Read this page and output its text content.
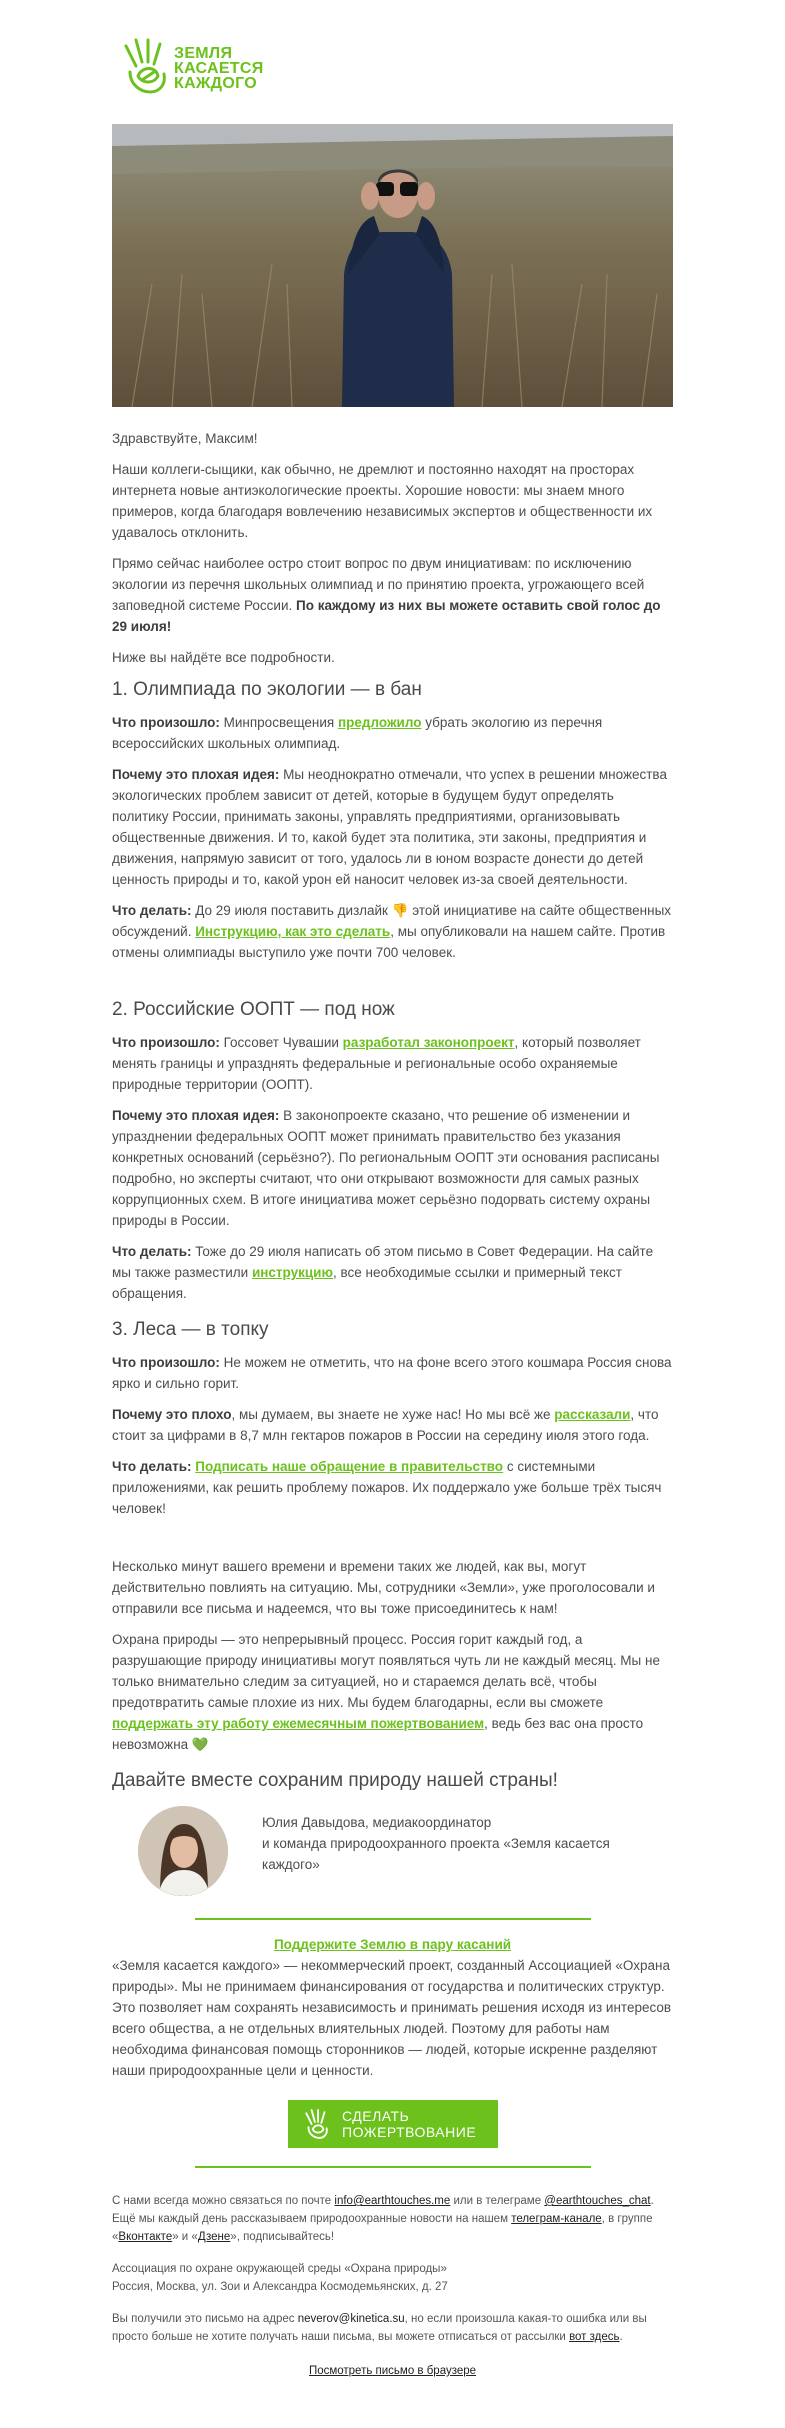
ЗЕМЛЯ
КАСАЕТСЯ
КАЖДОГО

Здравствуйте, Максим!

Наши коллеги-сыщики, как обычно, не дремлют и постоянно находят на просторах интернета новые антиэкологические проекты. Хорошие новости: мы знаем много примеров, когда благодаря вовлечению независимых экспертов и общественности их удавалось отклонить.

Прямо сейчас наиболее остро стоит вопрос по двум инициативам: по исключению экологии из перечня школьных олимпиад и по принятию проекта, угрожающего всей заповедной системе России. По каждому из них вы можете оставить свой голос до 29 июля!

Ниже вы найдёте все подробности.

1. Олимпиада по экологии — в бан

Что произошло: Минпросвещения предложило убрать экологию из перечня всероссийских школьных олимпиад.

Почему это плохая идея: Мы неоднократно отмечали, что успех в решении множества экологических проблем зависит от детей, которые в будущем будут определять политику России, принимать законы, управлять предприятиями, организовывать общественные движения. И то, какой будет эта политика, эти законы, предприятия и движения, напрямую зависит от того, удалось ли в юном возрасте донести до детей ценность природы и то, какой урон ей наносит человек из-за своей деятельности.

Что делать: До 29 июля поставить дизлайк 👎 этой инициативе на сайте общественных обсуждений. Инструкцию, как это сделать, мы опубликовали на нашем сайте. Против отмены олимпиады выступило уже почти 700 человек.

2. Российские ООПТ — под нож

Что произошло: Госсовет Чувашии разработал законопроект, который позволяет менять границы и упразднять федеральные и региональные особо охраняемые природные территории (ООПТ).

Почему это плохая идея: В законопроекте сказано, что решение об изменении и упразднении федеральных ООПТ может принимать правительство без указания конкретных оснований (серьёзно?). По региональным ООПТ эти основания расписаны подробно, но эксперты считают, что они открывают возможности для самых разных коррупционных схем. В итоге инициатива может серьёзно подорвать систему охраны природы в России.

Что делать: Тоже до 29 июля написать об этом письмо в Совет Федерации. На сайте мы также разместили инструкцию, все необходимые ссылки и примерный текст обращения.

3. Леса — в топку

Что произошло: Не можем не отметить, что на фоне всего этого кошмара Россия снова ярко и сильно горит.

Почему это плохо, мы думаем, вы знаете не хуже нас! Но мы всё же рассказали, что стоит за цифрами в 8,7 млн гектаров пожаров в России на середину июля этого года.

Что делать: Подписать наше обращение в правительство с системными приложениями, как решить проблему пожаров. Их поддержало уже больше трёх тысяч человек!

Несколько минут вашего времени и времени таких же людей, как вы, могут действительно повлиять на ситуацию. Мы, сотрудники «Земли», уже проголосовали и отправили все письма и надеемся, что вы тоже присоединитесь к нам!

Охрана природы — это непрерывный процесс. Россия горит каждый год, а разрушающие природу инициативы могут появляться чуть ли не каждый месяц. Мы не только внимательно следим за ситуацией, но и стараемся делать всё, чтобы предотвратить самые плохие из них. Мы будем благодарны, если вы сможете поддержать эту работу ежемесячным пожертвованием, ведь без вас она просто невозможна 💚

Давайте вместе сохраним природу нашей страны!

Юлия Давыдова, медиакоординатор

и команда природоохранного проекта «Земля касается каждого»

Поддержите Землю в пару касаний

«Земля касается каждого» — некоммерческий проект, созданный Ассоциацией «Охрана природы». Мы не принимаем финансирования от государства и политических структур. Это позволяет нам сохранять независимость и принимать решения исходя из интересов всего общества, а не отдельных влиятельных людей. Поэтому для работы нам необходима финансовая помощь сторонников — людей, которые искренне разделяют наши природоохранные цели и ценности.

СДЕЛАТЬ
ПОЖЕРТВОВАНИЕ

С нами всегда можно связаться по почте info@earthtouches.me или в телеграме @earthtouches_chat. Ещё мы каждый день рассказываем природоохранные новости на нашем телеграм-канале, в группе «Вконтакте» и «Дзене», подписывайтесь!

Ассоциация по охране окружающей среды «Охрана природы»

Россия, Москва, ул. Зои и Александра Космодемьянских, д. 27

Вы получили это письмо на адрес neverov@kinetica.su, но если произошла какая-то ошибка или вы просто больше не хотите получать наши письма, вы можете отписаться от рассылки вот здесь.

Посмотреть письмо в браузере
